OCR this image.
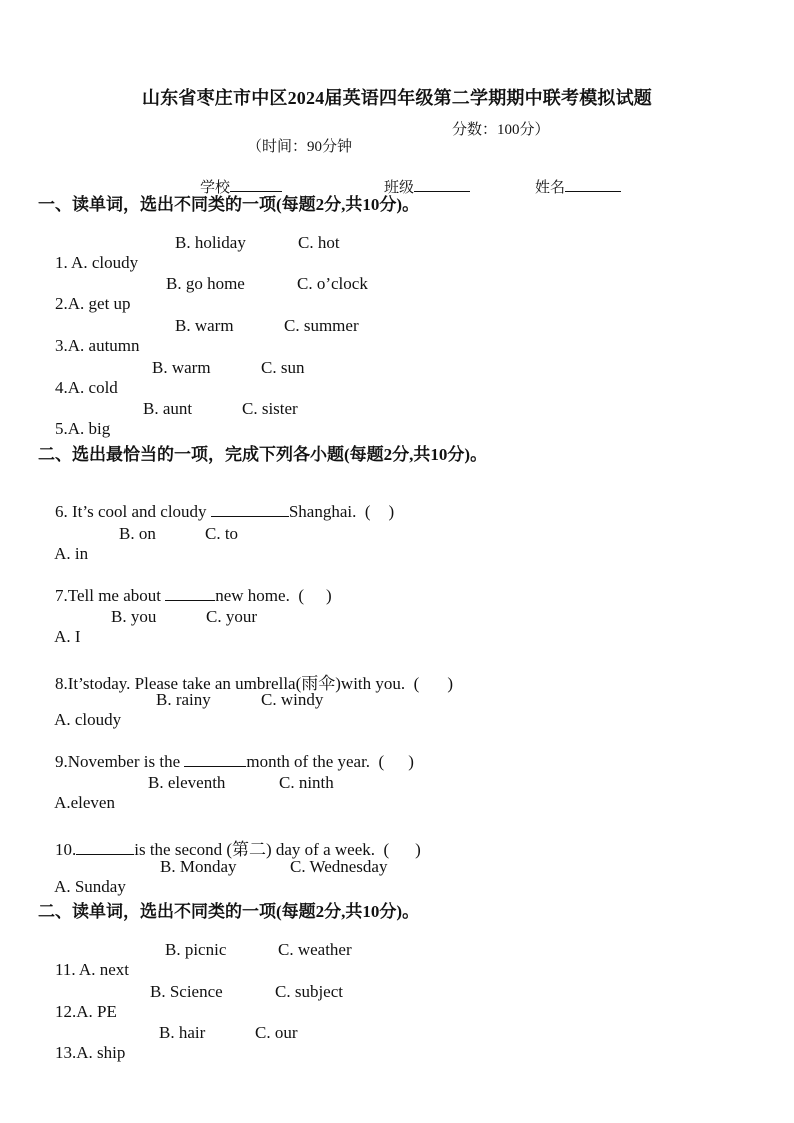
山东省枣庄市中区2024届英语四年级第二学期期中联考模拟试题

（时间：90分钟

分数：100分）

学校
	班级
	姓名

一、读单词，选出不同类的一项(每题2分,共10分)。

1. A. cloudy

B. holiday

	C. hot

2.A. get up

B. go home

	C. o’clock

3.A. autumn

B. warm

	C. summer

4.A. cold

B. warm

	C. sun

5.A. big

B. aunt

	C. sister

二、选出最恰当的一项，完成下列各小题(每题2分,共10分)。

6. It’s cool and cloudy	Shanghai.  ( )

A. in

B. on

	C. to

7.Tell me about	new home.  ( )

A. I

B. you

	C. your

8.It’stoday. Please take an umbrella(雨伞)with you.  ( )

A. cloudy

B. rainy

	C. windy

9.November is the	month of the year.  ( )

A.eleven

B. eleventh

	C. ninth

10.	is the second (第二) day of a week.  ( )

A. Sunday

B. Monday

	C. Wednesday

二、读单词，选出不同类的一项(每题2分,共10分)。

11. A. next

B. picnic

	C. weather

12.A. PE

B. Science

	C. subject

13.A. ship

B. hair

	C. our
